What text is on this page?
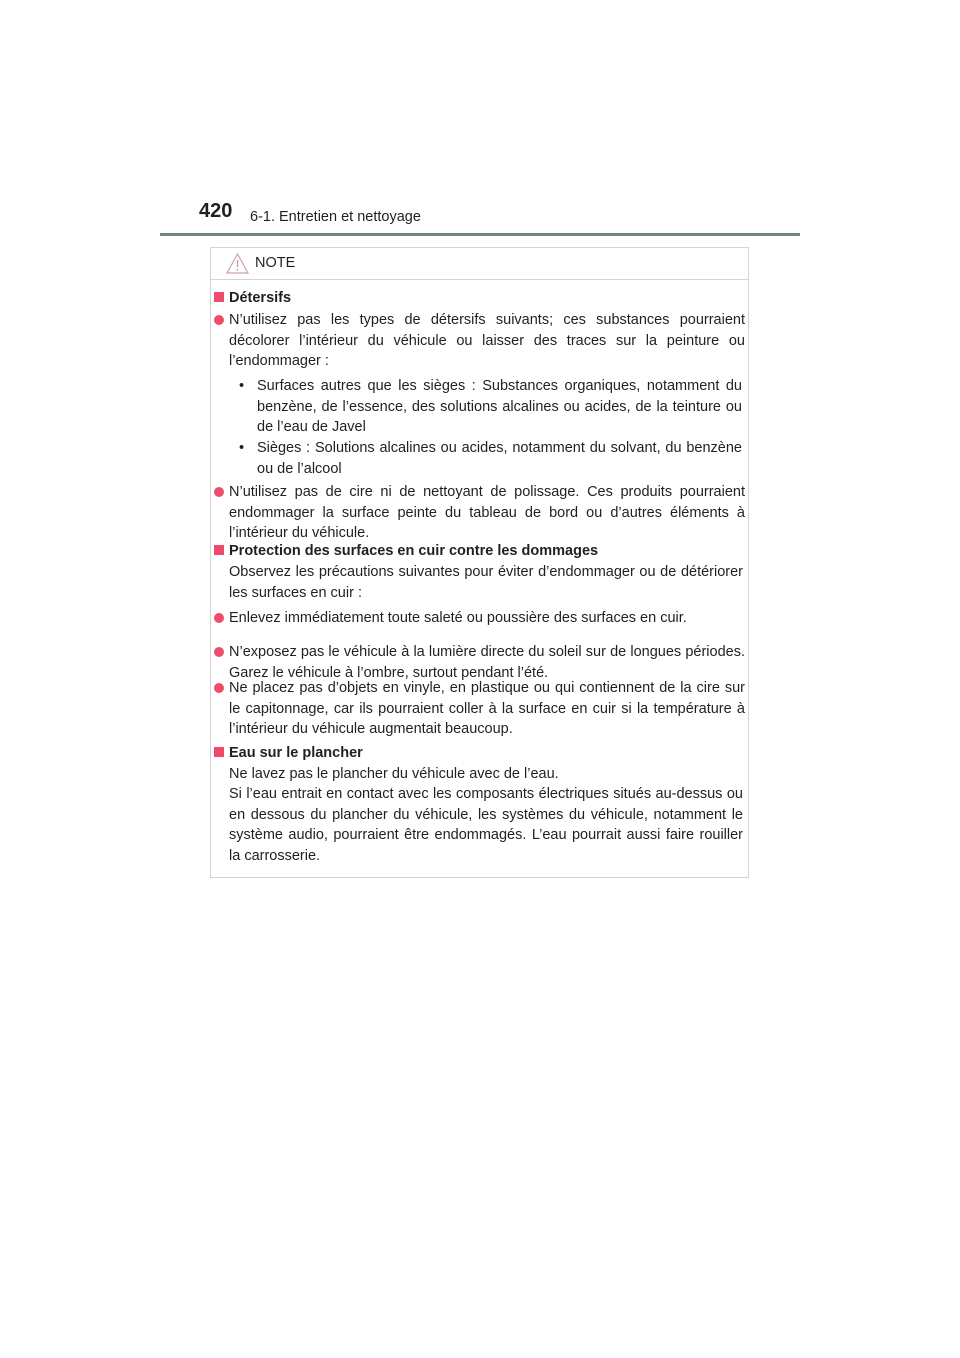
420 6-1. Entretien et nettoyage
NOTE
Détersifs
N’utilisez pas les types de détersifs suivants; ces substances pourraient décolorer l’intérieur du véhicule ou laisser des traces sur la peinture ou l’endommager :
• Surfaces autres que les sièges : Substances organiques, notamment du benzène, de l’essence, des solutions alcalines ou acides, de la teinture ou de l’eau de Javel
• Sièges : Solutions alcalines ou acides, notamment du solvant, du benzène ou de l’alcool
N’utilisez pas de cire ni de nettoyant de polissage. Ces produits pourraient endommager la surface peinte du tableau de bord ou d’autres éléments à l’intérieur du véhicule.
Protection des surfaces en cuir contre les dommages
Observez les précautions suivantes pour éviter d’endommager ou de détériorer les surfaces en cuir :
Enlevez immédiatement toute saleté ou poussière des surfaces en cuir.
N’exposez pas le véhicule à la lumière directe du soleil sur de longues périodes. Garez le véhicule à l’ombre, surtout pendant l’été.
Ne placez pas d’objets en vinyle, en plastique ou qui contiennent de la cire sur le capitonnage, car ils pourraient coller à la surface en cuir si la température à l’intérieur du véhicule augmentait beaucoup.
Eau sur le plancher
Ne lavez pas le plancher du véhicule avec de l’eau.
Si l’eau entrait en contact avec les composants électriques situés au-dessus ou en dessous du plancher du véhicule, les systèmes du véhicule, notamment le système audio, pourraient être endommagés. L’eau pourrait aussi faire rouiller la carrosserie.
